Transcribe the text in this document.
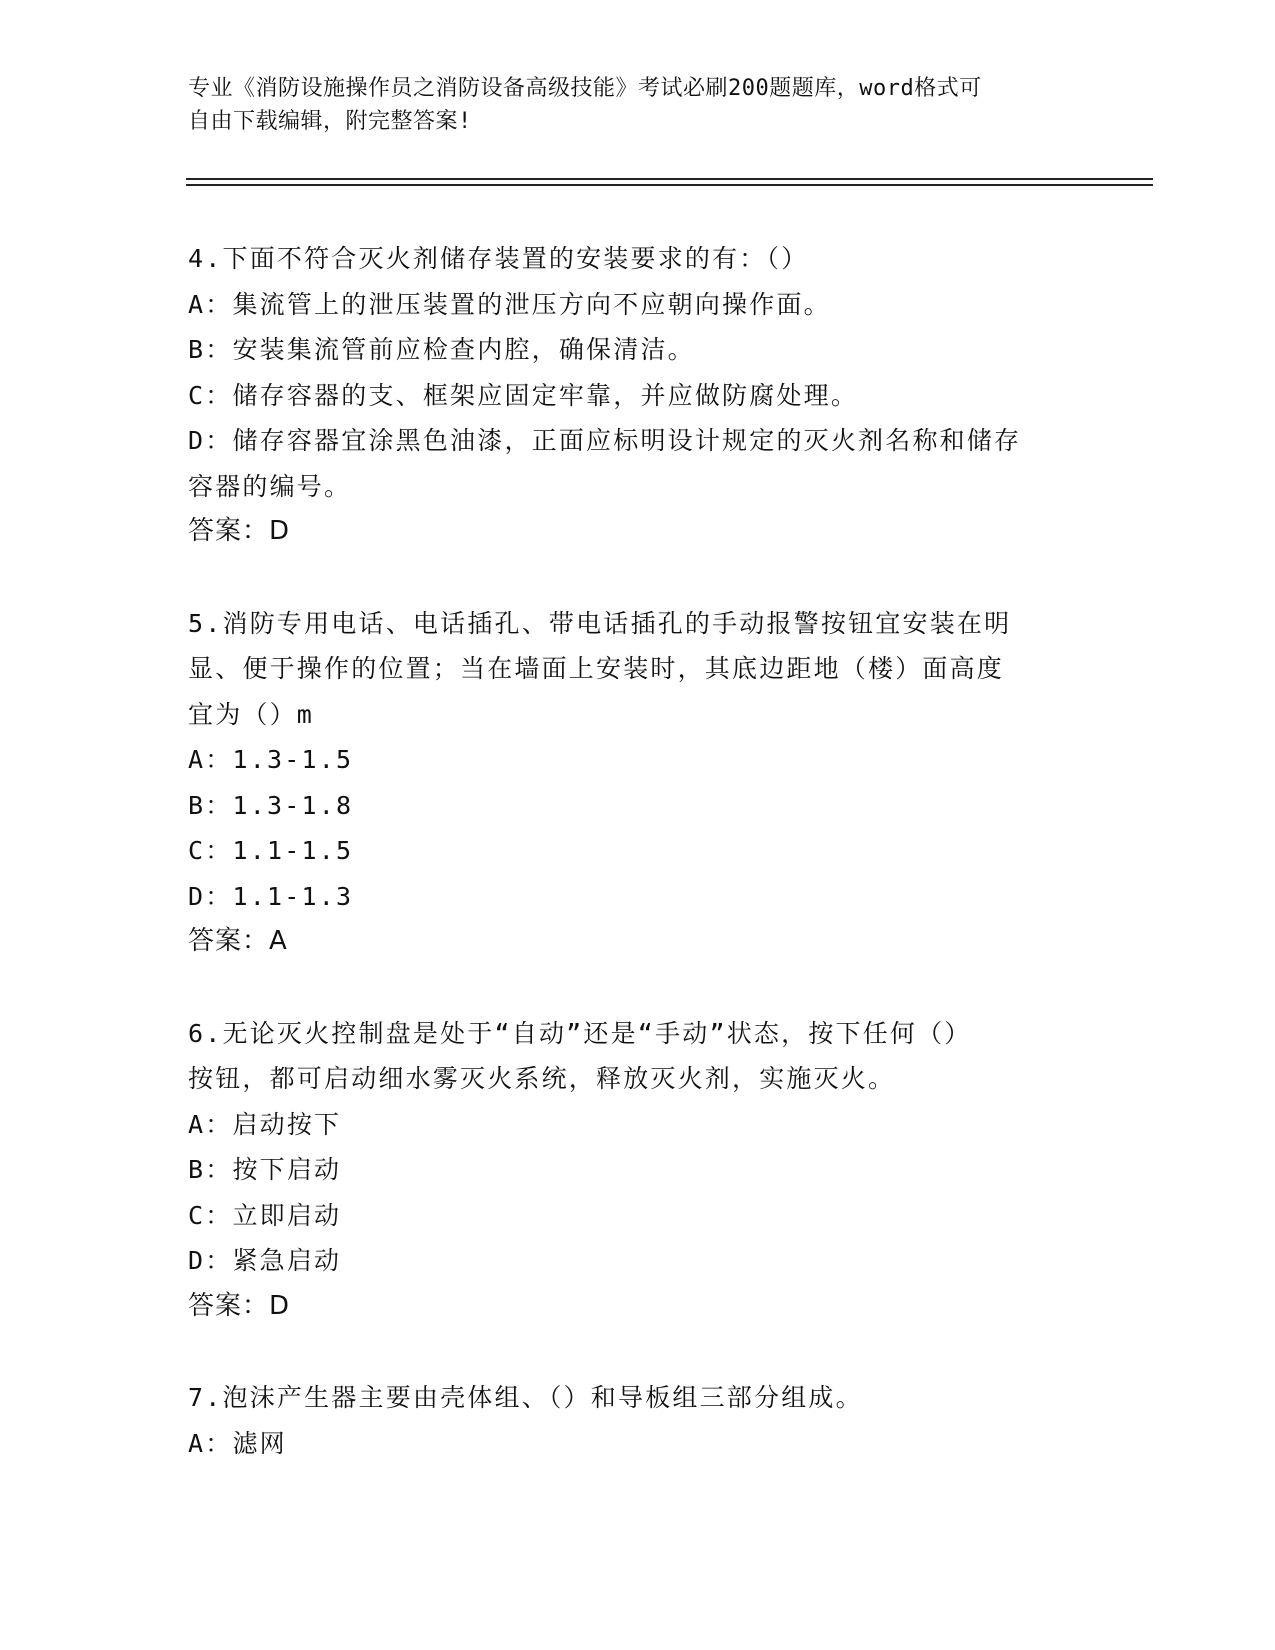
专业《消防设施操作员之消防设备高级技能》考试必刷200题题库，word格式可
自由下载编辑，附完整答案!

4.下面不符合灭火剂储存装置的安装要求的有：（）

A：集流管上的泄压装置的泄压方向不应朝向操作面。

B：安装集流管前应检查内腔，确保清洁。

C：储存容器的支、框架应固定牢靠，并应做防腐处理。

D：储存容器宜涂黑色油漆，正面应标明设计规定的灭火剂名称和储存
容器的编号。

答案：D

5.消防专用电话、电话插孔、带电话插孔的手动报警按钮宜安装在明
显、便于操作的位置；当在墙面上安装时，其底边距地（楼）面高度
宜为（）m

A：1.3-1.5

B：1.3-1.8

C：1.1-1.5

D：1.1-1.3

答案：A

6.无论灭火控制盘是处于“自动”还是“手动”状态，按下任何（）
按钮，都可启动细水雾灭火系统，释放灭火剂，实施灭火。

A：启动按下

B：按下启动

C：立即启动

D：紧急启动

答案：D

7.泡沫产生器主要由壳体组、（）和导板组三部分组成。

A：滤网
